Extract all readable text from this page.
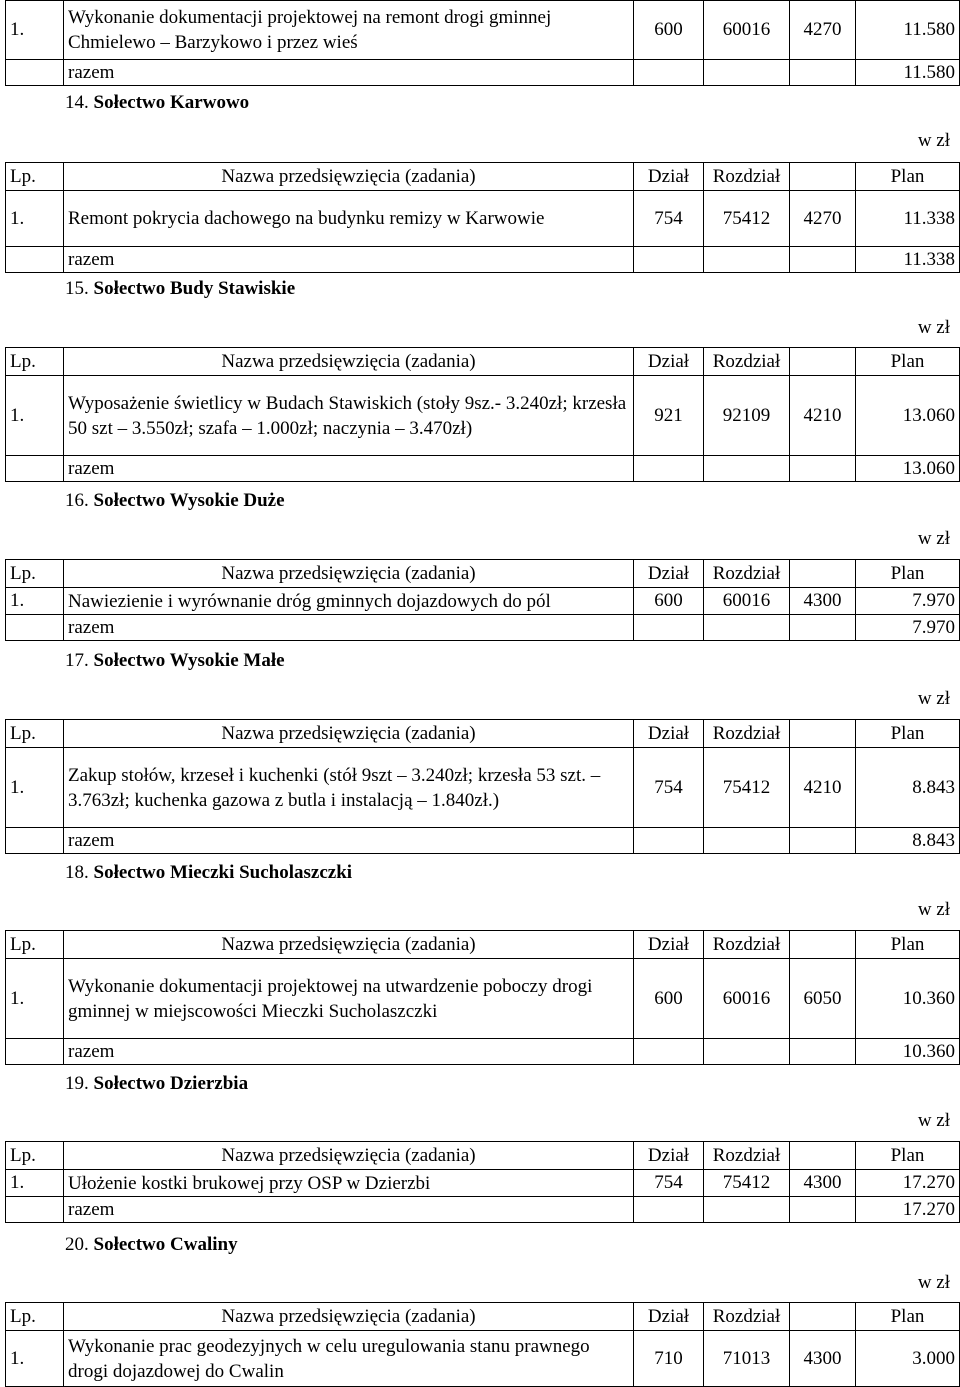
1.	Wykonanie dokumentacji projektowej na remont drogi gminnej Chmielewo – Barzykowo i przez wieś	600	60016	4270	11.580
	razem				11.580
14. Sołectwo Karwowo
w zł
Lp.	Nazwa przedsięwzięcia (zadania)	Dział	Rozdział		Plan
1.	Remont pokrycia dachowego na budynku remizy w Karwowie	754	75412	4270	11.338
	razem				11.338
15. Sołectwo Budy Stawiskie
w zł
Lp.	Nazwa przedsięwzięcia (zadania)	Dział	Rozdział		Plan
1.	Wyposażenie świetlicy w Budach Stawiskich (stoły 9sz.- 3.240zł; krzesła 50 szt – 3.550zł; szafa – 1.000zł; naczynia – 3.470zł)	921	92109	4210	13.060
	razem				13.060
16. Sołectwo Wysokie Duże
w zł
Lp.	Nazwa przedsięwzięcia (zadania)	Dział	Rozdział		Plan
1.	Nawiezienie i wyrównanie dróg gminnych dojazdowych do pól	600	60016	4300	7.970
	razem				7.970
17. Sołectwo Wysokie Małe
w zł
Lp.	Nazwa przedsięwzięcia (zadania)	Dział	Rozdział		Plan
1.	Zakup stołów, krzeseł i kuchenki (stół 9szt – 3.240zł; krzesła 53 szt. – 3.763zł; kuchenka gazowa z butla i instalacją – 1.840zł.)	754	75412	4210	8.843
	razem				8.843
18. Sołectwo Mieczki Sucholaszczki
w zł
Lp.	Nazwa przedsięwzięcia (zadania)	Dział	Rozdział		Plan
1.	Wykonanie dokumentacji projektowej na utwardzenie poboczy drogi gminnej w miejscowości Mieczki Sucholaszczki	600	60016	6050	10.360
	razem				10.360
19. Sołectwo Dzierzbia
w zł
Lp.	Nazwa przedsięwzięcia (zadania)	Dział	Rozdział		Plan
1.	Ułożenie kostki brukowej przy OSP w Dzierzbi	754	75412	4300	17.270
	razem				17.270
20. Sołectwo Cwaliny
w zł
Lp.	Nazwa przedsięwzięcia (zadania)	Dział	Rozdział		Plan
1.	Wykonanie prac geodezyjnych w celu uregulowania stanu prawnego drogi dojazdowej do Cwalin	710	71013	4300	3.000
